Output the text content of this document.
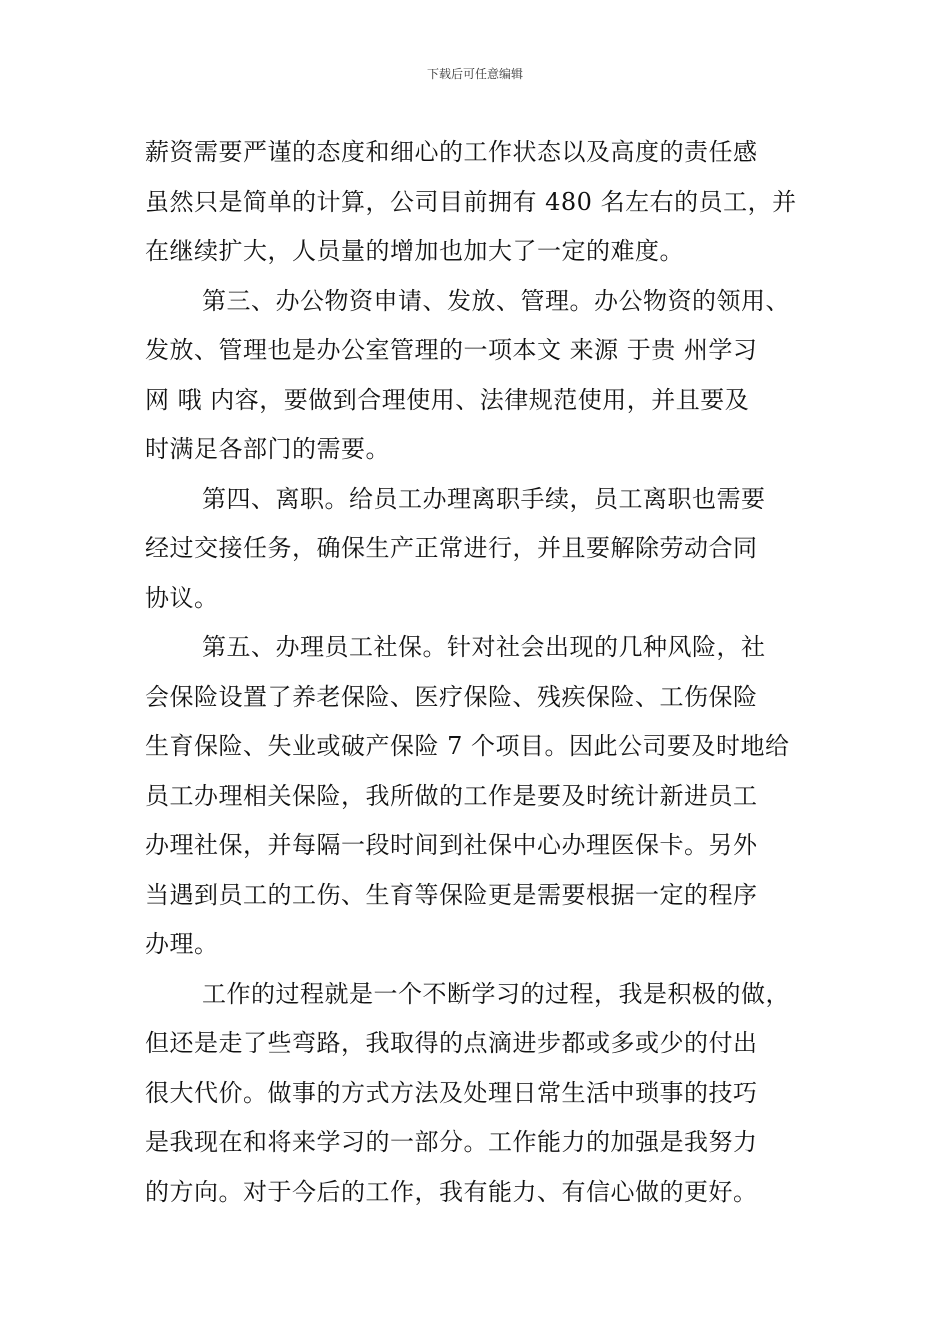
下载后可任意编辑
薪资需要严谨的态度和细心的工作状态以及高度的责任感
虽然只是简单的计算，公司目前拥有 480 名左右的员工，并
在继续扩大，人员量的增加也加大了一定的难度。
第三、办公物资申请、发放、管理。办公物资的领用、
发放、管理也是办公室管理的一项本文 来源 于贵 州学习
网 哦 内容，要做到合理使用、法律规范使用，并且要及
时满足各部门的需要。
第四、离职。给员工办理离职手续，员工离职也需要
经过交接任务，确保生产正常进行，并且要解除劳动合同
协议。
第五、办理员工社保。针对社会出现的几种风险，社
会保险设置了养老保险、医疗保险、残疾保险、工伤保险
生育保险、失业或破产保险 7 个项目。因此公司要及时地给
员工办理相关保险，我所做的工作是要及时统计新进员工
办理社保，并每隔一段时间到社保中心办理医保卡。另外
当遇到员工的工伤、生育等保险更是需要根据一定的程序
办理。
工作的过程就是一个不断学习的过程，我是积极的做，
但还是走了些弯路，我取得的点滴进步都或多或少的付出
很大代价。做事的方式方法及处理日常生活中琐事的技巧
是我现在和将来学习的一部分。工作能力的加强是我努力
的方向。对于今后的工作，我有能力、有信心做的更好。
